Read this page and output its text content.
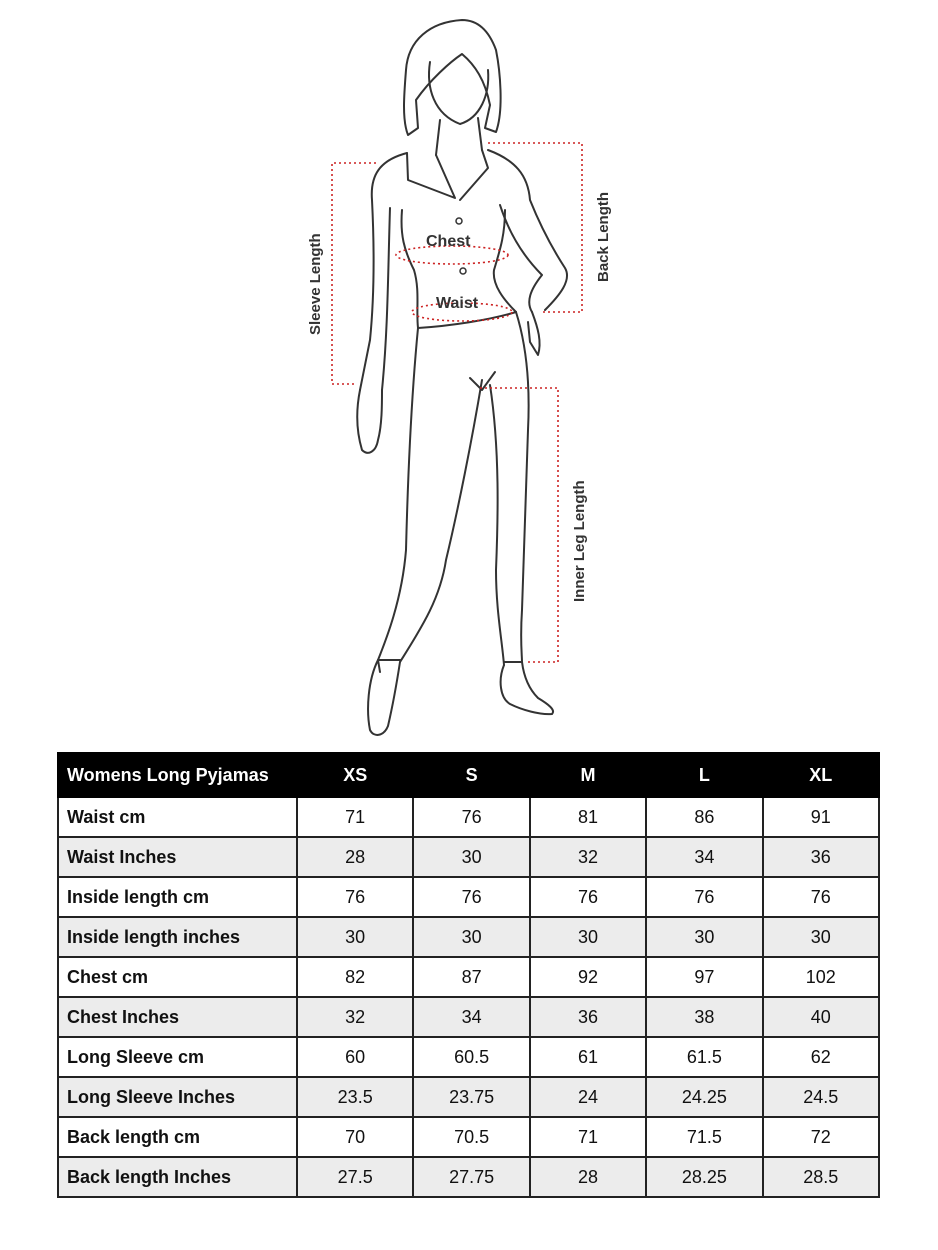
Chest
Waist
Sleeve Length	Back Length
Inner Leg Length
Womens Long Pyjamas	XS	S	M	L	XL
Waist cm	71	76	81	86	91
Waist Inches	28	30	32	34	36
Inside length cm	76	76	76	76	76
Inside length inches	30	30	30	30	30
Chest cm	82	87	92	97	102
Chest Inches	32	34	36	38	40
Long Sleeve cm	60	60.5	61	61.5	62
Long Sleeve Inches	23.5	23.75	24	24.25	24.5
Back length cm	70	70.5	71	71.5	72
Back length Inches	27.5	27.75	28	28.25	28.5
